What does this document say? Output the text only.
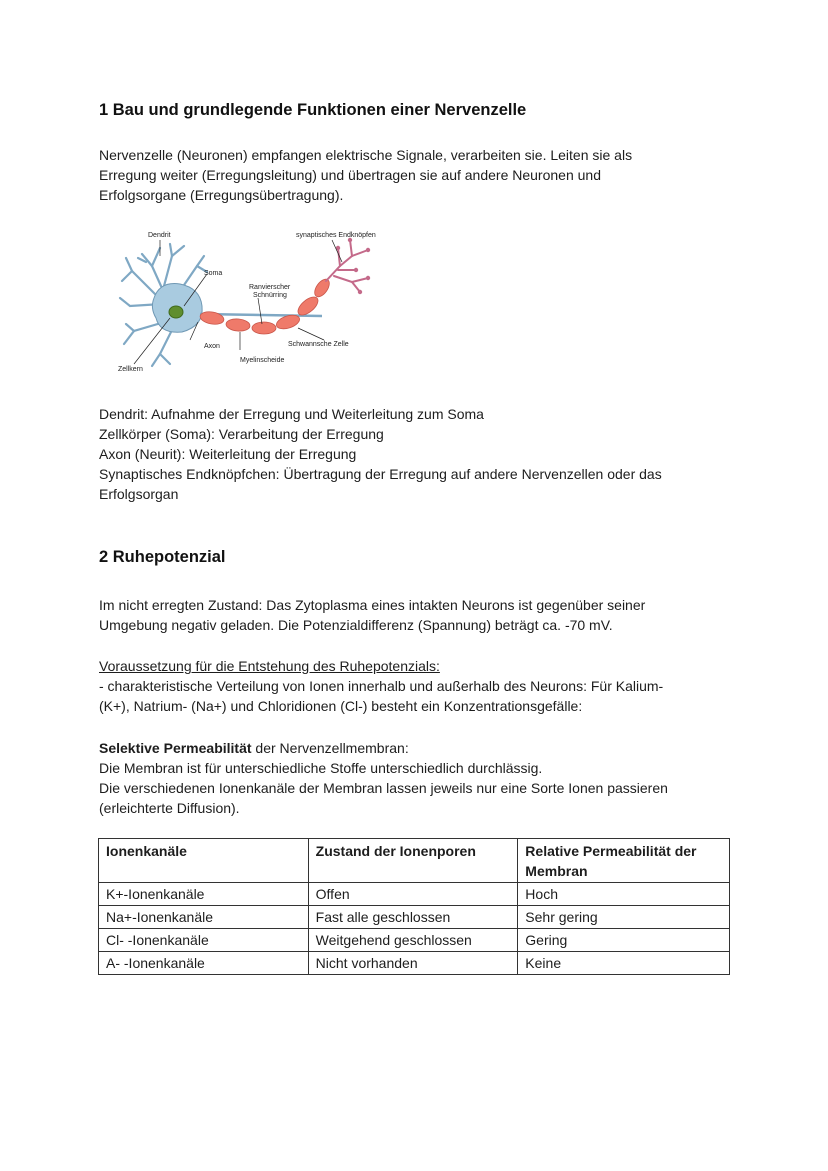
1 Bau und grundlegende Funktionen einer Nervenzelle
Nervenzelle (Neuronen) empfangen elektrische Signale, verarbeiten sie. Leiten sie als
Erregung weiter (Erregungsleitung) und übertragen sie auf andere Neuronen und
Erfolgsorgane (Erregungsübertragung).
Dendrit
Soma
Ranvierscher
Schnürring
synaptisches Endknöpfen
Axon	Schwannsche Zelle
Myelinscheide
Zellkern
Dendrit: Aufnahme der Erregung und Weiterleitung zum Soma
Zellkörper (Soma): Verarbeitung der Erregung
Axon (Neurit): Weiterleitung der Erregung
Synaptisches Endknöpfchen: Übertragung der Erregung auf andere Nervenzellen oder das
Erfolgsorgan
2 Ruhepotenzial
Im nicht erregten Zustand: Das Zytoplasma eines intakten Neurons ist gegenüber seiner
Umgebung negativ geladen. Die Potenzialdifferenz (Spannung) beträgt ca. -70 mV.
Voraussetzung für die Entstehung des Ruhepotenzials:
- charakteristische Verteilung von Ionen innerhalb und außerhalb des Neurons: Für Kalium-
(K+), Natrium- (Na+) und Chloridionen (Cl-) besteht ein Konzentrationsgefälle:
Selektive Permeabilität der Nervenzellmembran:
Die Membran ist für unterschiedliche Stoffe unterschiedlich durchlässig.
Die verschiedenen Ionenkanäle der Membran lassen jeweils nur eine Sorte Ionen passieren
(erleichterte Diffusion).
Ionenkanäle	Zustand der Ionenporen	Relative Permeabilität der Membran
K+-Ionenkanäle	Offen	Hoch
Na+-Ionenkanäle	Fast alle geschlossen	Sehr gering
Cl- -Ionenkanäle	Weitgehend geschlossen	Gering
A- -Ionenkanäle	Nicht vorhanden	Keine
